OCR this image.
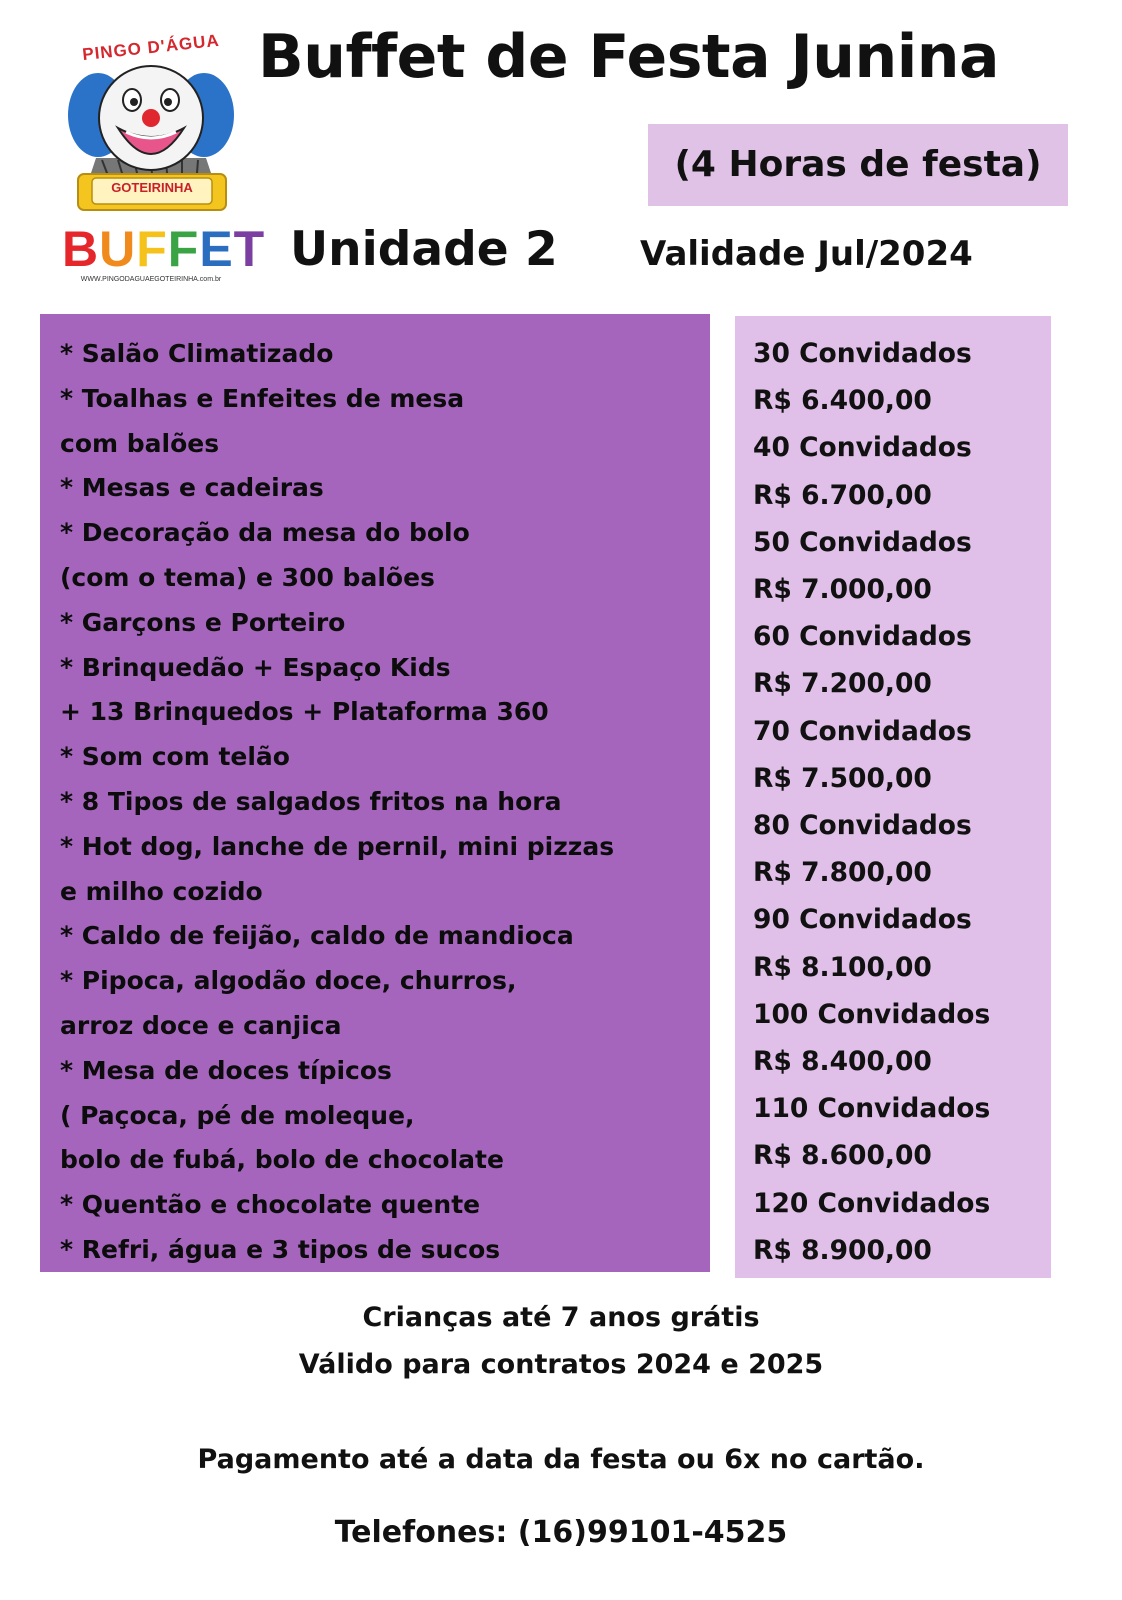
PINGO D'ÁGUA
GOTEIRINHA
BUFFET
WWW.PINGODAGUAEGOTEIRINHA.com.br
Buffet de Festa Junina
(4 Horas de festa)
Unidade 2 Validade Jul/2024
* Salão Climatizado
* Toalhas e Enfeites de mesa
com balões
* Mesas e cadeiras
* Decoração da mesa do bolo
(com o tema) e 300 balões
* Garçons e Porteiro
* Brinquedão + Espaço Kids
+ 13 Brinquedos + Plataforma 360
* Som com telão
* 8 Tipos de salgados fritos na hora
* Hot dog, lanche de pernil, mini pizzas
e milho cozido
* Caldo de feijão, caldo de mandioca
* Pipoca, algodão doce, churros,
arroz doce e canjica
* Mesa de doces típicos
( Paçoca, pé de moleque,
bolo de fubá, bolo de chocolate
* Quentão e chocolate quente
* Refri, água e 3 tipos de sucos
30 Convidados
R$ 6.400,00
40 Convidados
R$ 6.700,00
50 Convidados
R$ 7.000,00
60 Convidados
R$ 7.200,00
70 Convidados
R$ 7.500,00
80 Convidados
R$ 7.800,00
90 Convidados
R$ 8.100,00
100 Convidados
R$ 8.400,00
110 Convidados
R$ 8.600,00
120 Convidados
R$ 8.900,00
Crianças até 7 anos grátis
Válido para contratos 2024 e 2025
Pagamento até a data da festa ou 6x no cartão.
Telefones: (16)99101-4525
